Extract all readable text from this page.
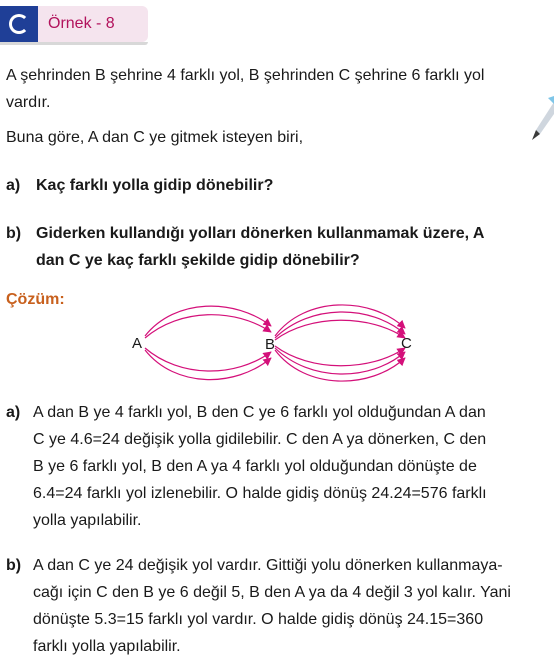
Örnek - 8
A şehrinden B şehrine 4 farklı yol, B şehrinden C şehrine 6 farklı yol
vardır.
Buna göre, A dan C ye gitmek isteyen biri,
a) Kaç farklı yolla gidip dönebilir?
b) Giderken kullandığı yolları dönerken kullanmamak üzere, A
dan C ye kaç farklı şekilde gidip dönebilir?
Çözüm:
A	B	C
a) A dan B ye 4 farklı yol, B den C ye 6 farklı yol olduğundan A dan
C ye 4.6=24 değişik yolla gidilebilir. C den A ya dönerken, C den
B ye 6 farklı yol, B den A ya 4 farklı yol olduğundan dönüşte de
6.4=24 farklı yol izlenebilir. O halde gidiş dönüş 24.24=576 farklı
yolla yapılabilir.
b) A dan C ye 24 değişik yol vardır. Gittiği yolu dönerken kullanmaya-
cağı için C den B ye 6 değil 5, B den A ya da 4 değil 3 yol kalır. Yani
dönüşte 5.3=15 farklı yol vardır. O halde gidiş dönüş 24.15=360
farklı yolla yapılabilir.
